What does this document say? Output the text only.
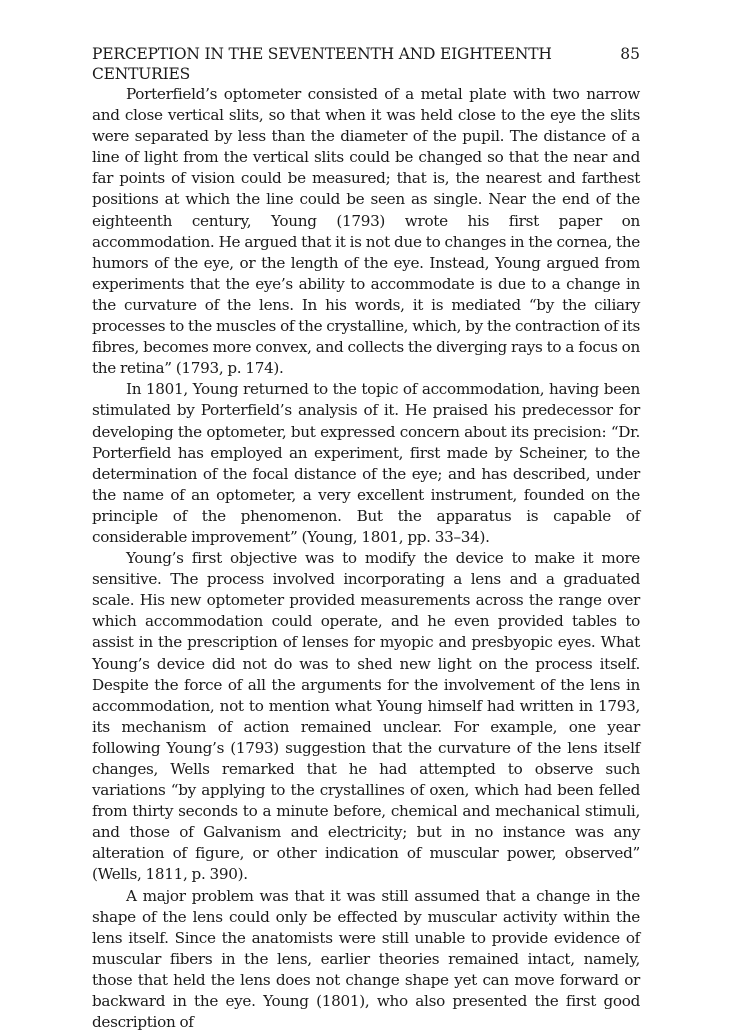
PERCEPTION IN THE SEVENTEENTH AND EIGHTEENTH CENTURIES
85

Porterfield’s optometer consisted of a metal plate with two narrow and close vertical slits, so that when it was held close to the eye the slits were separated by less than the diameter of the pupil. The distance of a line of light from the vertical slits could be changed so that the near and far points of vision could be measured; that is, the nearest and farthest positions at which the line could be seen as single. Near the end of the eighteenth century, Young (1793) wrote his first paper on accommodation. He argued that it is not due to changes in the cornea, the humors of the eye, or the length of the eye. Instead, Young argued from experiments that the eye’s ability to accommodate is due to a change in the curvature of the lens. In his words, it is mediated “by the ciliary processes to the muscles of the crystalline, which, by the contraction of its fibres, becomes more convex, and collects the diverging rays to a focus on the retina” (1793, p. 174).

In 1801, Young returned to the topic of accommodation, having been stimulated by Porterfield’s analysis of it. He praised his predecessor for developing the optometer, but expressed concern about its precision: “Dr. Porterfield has employed an experiment, first made by Scheiner, to the determination of the focal distance of the eye; and has described, under the name of an optometer, a very excellent instrument, founded on the principle of the phenomenon. But the apparatus is capable of considerable improvement” (Young, 1801, pp. 33–34).

Young’s first objective was to modify the device to make it more sensitive. The process involved incorporating a lens and a graduated scale. His new optometer provided measurements across the range over which accommodation could operate, and he even provided tables to assist in the prescription of lenses for myopic and presbyopic eyes. What Young’s device did not do was to shed new light on the process itself. Despite the force of all the arguments for the involvement of the lens in accommodation, not to mention what Young himself had written in 1793, its mechanism of action remained unclear. For example, one year following Young’s (1793) suggestion that the curvature of the lens itself changes, Wells remarked that he had attempted to observe such variations “by applying to the crystallines of oxen, which had been felled from thirty seconds to a minute before, chemical and mechanical stimuli, and those of Galvanism and electricity; but in no instance was any alteration of figure, or other indication of muscular power, observed” (Wells, 1811, p. 390).

A major problem was that it was still assumed that a change in the shape of the lens could only be effected by muscular activity within the lens itself. Since the anatomists were still unable to provide evidence of muscular fibers in the lens, earlier theories remained intact, namely, those that held the lens does not change shape yet can move forward or backward in the eye. Young (1801), who also presented the first good description of
